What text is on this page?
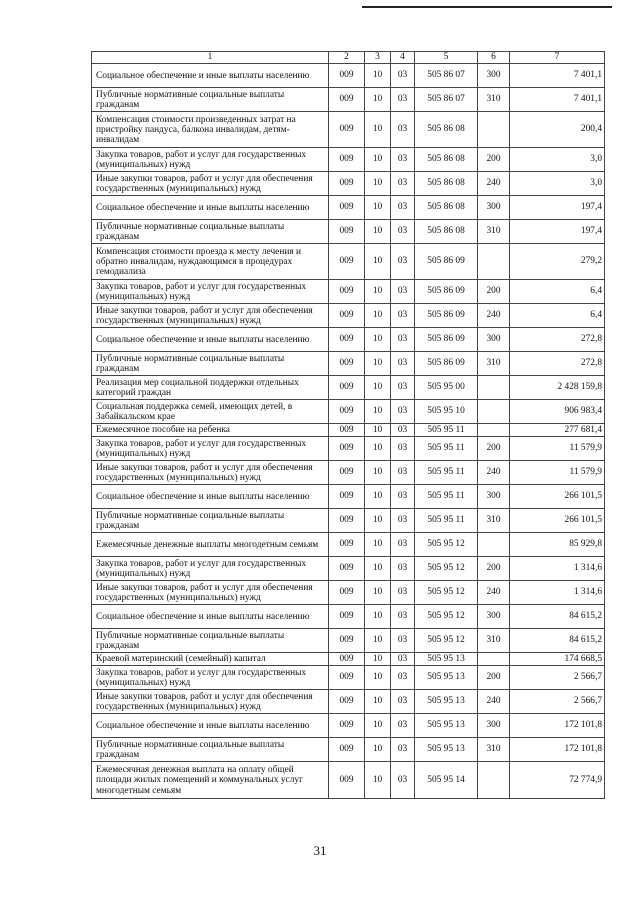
1	2	3	4	5	6	7
Социальное обеспечение и иные выплаты населению	009	10	03	505 86 07	300	7 401,1
Публичные нормативные социальные выплаты гражданам	009	10	03	505 86 07	310	7 401,1
Компенсация стоимости произведенных затрат на пристройку пандуса, балкона инвалидам, детям-инвалидам	009	10	03	505 86 08		200,4
Закупка товаров, работ и услуг для государственных (муниципальных) нужд	009	10	03	505 86 08	200	3,0
Иные закупки товаров, работ и услуг для обеспечения государственных (муниципальных) нужд	009	10	03	505 86 08	240	3,0
Социальное обеспечение и иные выплаты населению	009	10	03	505 86 08	300	197,4
Публичные нормативные социальные выплаты гражданам	009	10	03	505 86 08	310	197,4
Компенсация стоимости проезда к месту лечения и обратно инвалидам, нуждающимся в процедурах гемодиализа	009	10	03	505 86 09		279,2
Закупка товаров, работ и услуг для государственных (муниципальных) нужд	009	10	03	505 86 09	200	6,4
Иные закупки товаров, работ и услуг для обеспечения государственных (муниципальных) нужд	009	10	03	505 86 09	240	6,4
Социальное обеспечение и иные выплаты населению	009	10	03	505 86 09	300	272,8
Публичные нормативные социальные выплаты гражданам	009	10	03	505 86 09	310	272,8
Реализация мер социальной поддержки отдельных категорий граждан	009	10	03	505 95 00		2 428 159,8
Социальная поддержка семей, имеющих детей, в Забайкальском крае	009	10	03	505 95 10		906 983,4
Ежемесячное пособие на ребенка	009	10	03	505 95 11		277 681,4
Закупка товаров, работ и услуг для государственных (муниципальных) нужд	009	10	03	505 95 11	200	11 579,9
Иные закупки товаров, работ и услуг для обеспечения государственных (муниципальных) нужд	009	10	03	505 95 11	240	11 579,9
Социальное обеспечение и иные выплаты населению	009	10	03	505 95 11	300	266 101,5
Публичные нормативные социальные выплаты гражданам	009	10	03	505 95 11	310	266 101,5
Ежемесячные денежные выплаты многодетным семьям	009	10	03	505 95 12		85 929,8
Закупка товаров, работ и услуг для государственных (муниципальных) нужд	009	10	03	505 95 12	200	1 314,6
Иные закупки товаров, работ и услуг для обеспечения государственных (муниципальных) нужд	009	10	03	505 95 12	240	1 314,6
Социальное обеспечение и иные выплаты населению	009	10	03	505 95 12	300	84 615,2
Публичные нормативные социальные выплаты гражданам	009	10	03	505 95 12	310	84 615,2
Краевой материнский (семейный) капитал	009	10	03	505 95 13		174 668,5
Закупка товаров, работ и услуг для государственных (муниципальных) нужд	009	10	03	505 95 13	200	2 566,7
Иные закупки товаров, работ и услуг для обеспечения государственных (муниципальных) нужд	009	10	03	505 95 13	240	2 566,7
Социальное обеспечение и иные выплаты населению	009	10	03	505 95 13	300	172 101,8
Публичные нормативные социальные выплаты гражданам	009	10	03	505 95 13	310	172 101,8
Ежемесячная денежная выплата на оплату общей площади жилых помещений и коммунальных услуг многодетным семьям	009	10	03	505 95 14		72 774,9
31
